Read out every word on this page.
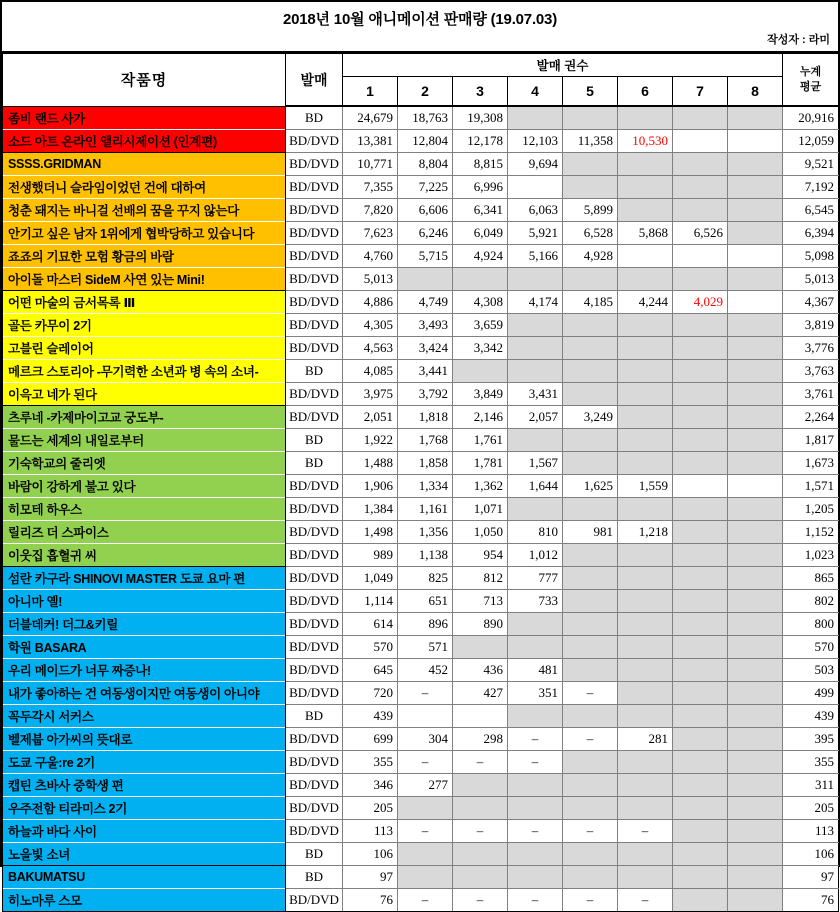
2018년 10월 애니메이션 판매량 (19.07.03)
작성자 : 라미
작품명	발매	발매 권수								누계
평균

		1	2	3	4	5	6	7	8	
좀비 랜드 사가	BD	24,679	18,763	19,308						20,916
소드 아트 온라인 앨리시제이션 (인계편)	BD/DVD	13,381	12,804	12,178	12,103	11,358	10,530			12,059
SSSS.GRIDMAN	BD/DVD	10,771	8,804	8,815	9,694					9,521
전생했더니 슬라임이었던 건에 대하여	BD/DVD	7,355	7,225	6,996						7,192
청춘 돼지는 바니걸 선배의 꿈을 꾸지 않는다	BD/DVD	7,820	6,606	6,341	6,063	5,899				6,545
안기고 싶은 남자 1위에게 협박당하고 있습니다	BD/DVD	7,623	6,246	6,049	5,921	6,528	5,868	6,526		6,394
죠죠의 기묘한 모험 황금의 바람	BD/DVD	4,760	5,715	4,924	5,166	4,928				5,098
아이돌 마스터 SideM 사연 있는 Mini!	BD/DVD	5,013								5,013
어떤 마술의 금서목록 Ⅲ	BD/DVD	4,886	4,749	4,308	4,174	4,185	4,244	4,029		4,367
골든 카무이 2기	BD/DVD	4,305	3,493	3,659						3,819
고블린 슬레이어	BD/DVD	4,563	3,424	3,342						3,776
메르크 스토리아 -무기력한 소년과 병 속의 소녀-	BD	4,085	3,441							3,763
이윽고 네가 된다	BD/DVD	3,975	3,792	3,849	3,431					3,761
츠루네 -카제마이고교 궁도부-	BD/DVD	2,051	1,818	2,146	2,057	3,249				2,264
물드는 세계의 내일로부터	BD	1,922	1,768	1,761						1,817
기숙학교의 줄리엣	BD	1,488	1,858	1,781	1,567					1,673
바람이 강하게 불고 있다	BD/DVD	1,906	1,334	1,362	1,644	1,625	1,559			1,571
히모테 하우스	BD/DVD	1,384	1,161	1,071						1,205
릴리즈 더 스파이스	BD/DVD	1,498	1,356	1,050	810	981	1,218			1,152
이웃집 흡혈귀 씨	BD/DVD	989	1,138	954	1,012					1,023
섬란 카구라 SHINOVI MASTER 도쿄 요마 편	BD/DVD	1,049	825	812	777					865
아니마 옐!	BD/DVD	1,114	651	713	733					802
더블데커! 더그&키릴	BD/DVD	614	896	890						800
학원 BASARA	BD/DVD	570	571							570
우리 메이드가 너무 짜증나!	BD/DVD	645	452	436	481					503
내가 좋아하는 건 여동생이지만 여동생이 아니야	BD/DVD	720	–	427	351	–				499
꼭두각시 서커스	BD	439								439
벨제붑 아가씨의 뜻대로	BD/DVD	699	304	298	–	–	281			395
도쿄 구울:re 2기	BD/DVD	355	–	–	–					355
캡틴 츠바사 중학생 편	BD/DVD	346	277							311
우주전함 티라미스 2기	BD/DVD	205								205
하늘과 바다 사이	BD/DVD	113	–	–	–	–	–			113
노을빛 소녀	BD	106								106
BAKUMATSU	BD	97								97
히노마루 스모	BD/DVD	76	–	–	–	–	–			76
